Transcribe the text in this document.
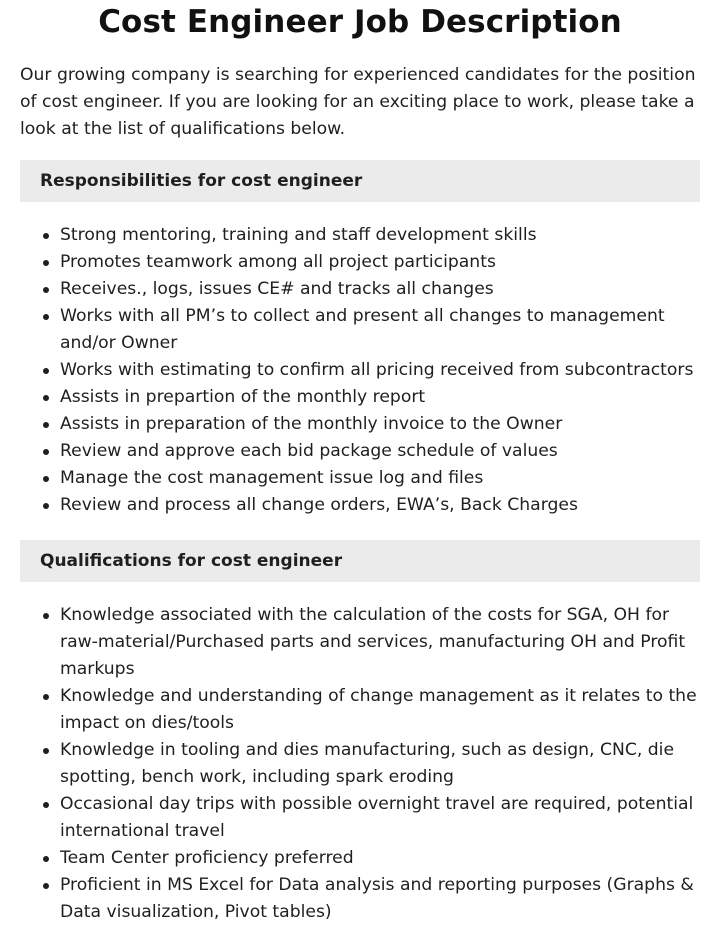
Cost Engineer Job Description

Our growing company is searching for experienced candidates for the position of cost engineer. If you are looking for an exciting place to work, please take a look at the list of qualifications below.

Responsibilities for cost engineer
Strong mentoring, training and staff development skills
Promotes teamwork among all project participants
Receives., logs, issues CE# and tracks all changes
Works with all PM’s to collect and present all changes to management and/or Owner
Works with estimating to confirm all pricing received from subcontractors
Assists in prepartion of the monthly report
Assists in preparation of the monthly invoice to the Owner
Review and approve each bid package schedule of values
Manage the cost management issue log and files
Review and process all change orders, EWA’s, Back Charges
Qualifications for cost engineer
Knowledge associated with the calculation of the costs for SGA, OH for raw-material/Purchased parts and services, manufacturing OH and Profit markups
Knowledge and understanding of change management as it relates to the impact on dies/tools
Knowledge in tooling and dies manufacturing, such as design, CNC, die spotting, bench work, including spark eroding
Occasional day trips with possible overnight travel are required, potential international travel
Team Center proficiency preferred
Proficient in MS Excel for Data analysis and reporting purposes (Graphs & Data visualization, Pivot tables)
